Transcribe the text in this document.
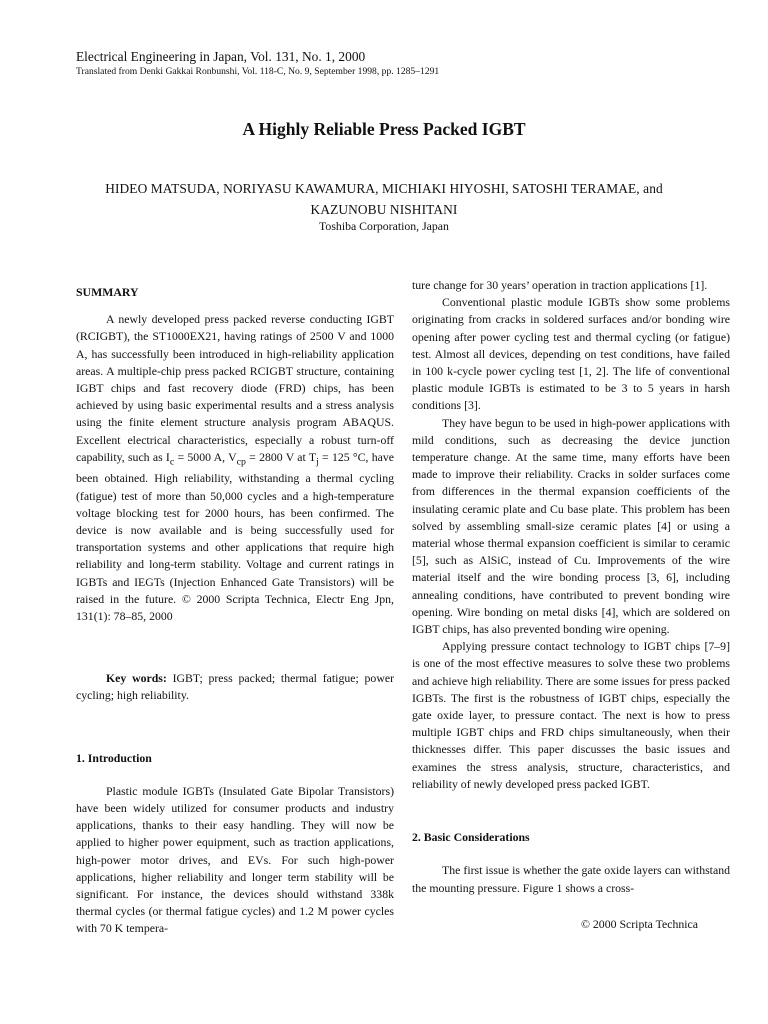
Electrical Engineering in Japan, Vol. 131, No. 1, 2000

Translated from Denki Gakkai Ronbunshi, Vol. 118-C, No. 9, September 1998, pp. 1285–1291

A Highly Reliable Press Packed IGBT

HIDEO MATSUDA, NORIYASU KAWAMURA, MICHIAKI HIYOSHI, SATOSHI TERAMAE, and KAZUNOBU NISHITANI

Toshiba Corporation, Japan

SUMMARY

A newly developed press packed reverse conducting IGBT (RCIGBT), the ST1000EX21, having ratings of 2500 V and 1000 A, has successfully been introduced in high-reliability application areas. A multiple-chip press packed RCIGBT structure, containing IGBT chips and fast recovery diode (FRD) chips, has been achieved by using basic experimental results and a stress analysis using the finite element structure analysis program ABAQUS. Excellent electrical characteristics, especially a robust turn-off capability, such as $I_c = 5000$ A, $V_{cp} = 2800$ V at $T_j = 125$ °C, have been obtained. High reliability, withstanding a thermal cycling (fatigue) test of more than 50,000 cycles and a high-temperature voltage blocking test for 2000 hours, has been confirmed. The device is now available and is being successfully used for transportation systems and other applications that require high reliability and long-term stability. Voltage and current ratings in IGBTs and IEGTs (Injection Enhanced Gate Transistors) will be raised in the future. © 2000 Scripta Technica, Electr Eng Jpn, 131(1): 78–85, 2000

Key words: IGBT; press packed; thermal fatigue; power cycling; high reliability.

1. Introduction

Plastic module IGBTs (Insulated Gate Bipolar Transistors) have been widely utilized for consumer products and industry applications, thanks to their easy handling. They will now be applied to higher power equipment, such as traction applications, high-power motor drives, and EVs. For such high-power applications, higher reliability and longer term stability will be significant. For instance, the devices should withstand 338k thermal cycles (or thermal fatigue cycles) and 1.2 M power cycles with 70 K tempera-

ture change for 30 years’ operation in traction applications [1].

Conventional plastic module IGBTs show some problems originating from cracks in soldered surfaces and/or bonding wire opening after power cycling test and thermal cycling (or fatigue) test. Almost all devices, depending on test conditions, have failed in 100 k-cycle power cycling test [1, 2]. The life of conventional plastic module IGBTs is estimated to be 3 to 5 years in harsh conditions [3].

They have begun to be used in high-power applications with mild conditions, such as decreasing the device junction temperature change. At the same time, many efforts have been made to improve their reliability. Cracks in solder surfaces come from differences in the thermal expansion coefficients of the insulating ceramic plate and Cu base plate. This problem has been solved by assembling small-size ceramic plates [4] or using a material whose thermal expansion coefficient is similar to ceramic [5], such as AlSiC, instead of Cu. Improvements of the wire material itself and the wire bonding process [3, 6], including annealing conditions, have contributed to prevent bonding wire opening. Wire bonding on metal disks [4], which are soldered on IGBT chips, has also prevented bonding wire opening.

Applying pressure contact technology to IGBT chips [7–9] is one of the most effective measures to solve these two problems and achieve high reliability. There are some issues for press packed IGBTs. The first is the robustness of IGBT chips, especially the gate oxide layer, to pressure contact. The next is how to press multiple IGBT chips and FRD chips simultaneously, when their thicknesses differ. This paper discusses the basic issues and examines the stress analysis, structure, characteristics, and reliability of newly developed press packed IGBT.

2. Basic Considerations

The first issue is whether the gate oxide layers can withstand the mounting pressure. Figure 1 shows a cross-

© 2000 Scripta Technica
